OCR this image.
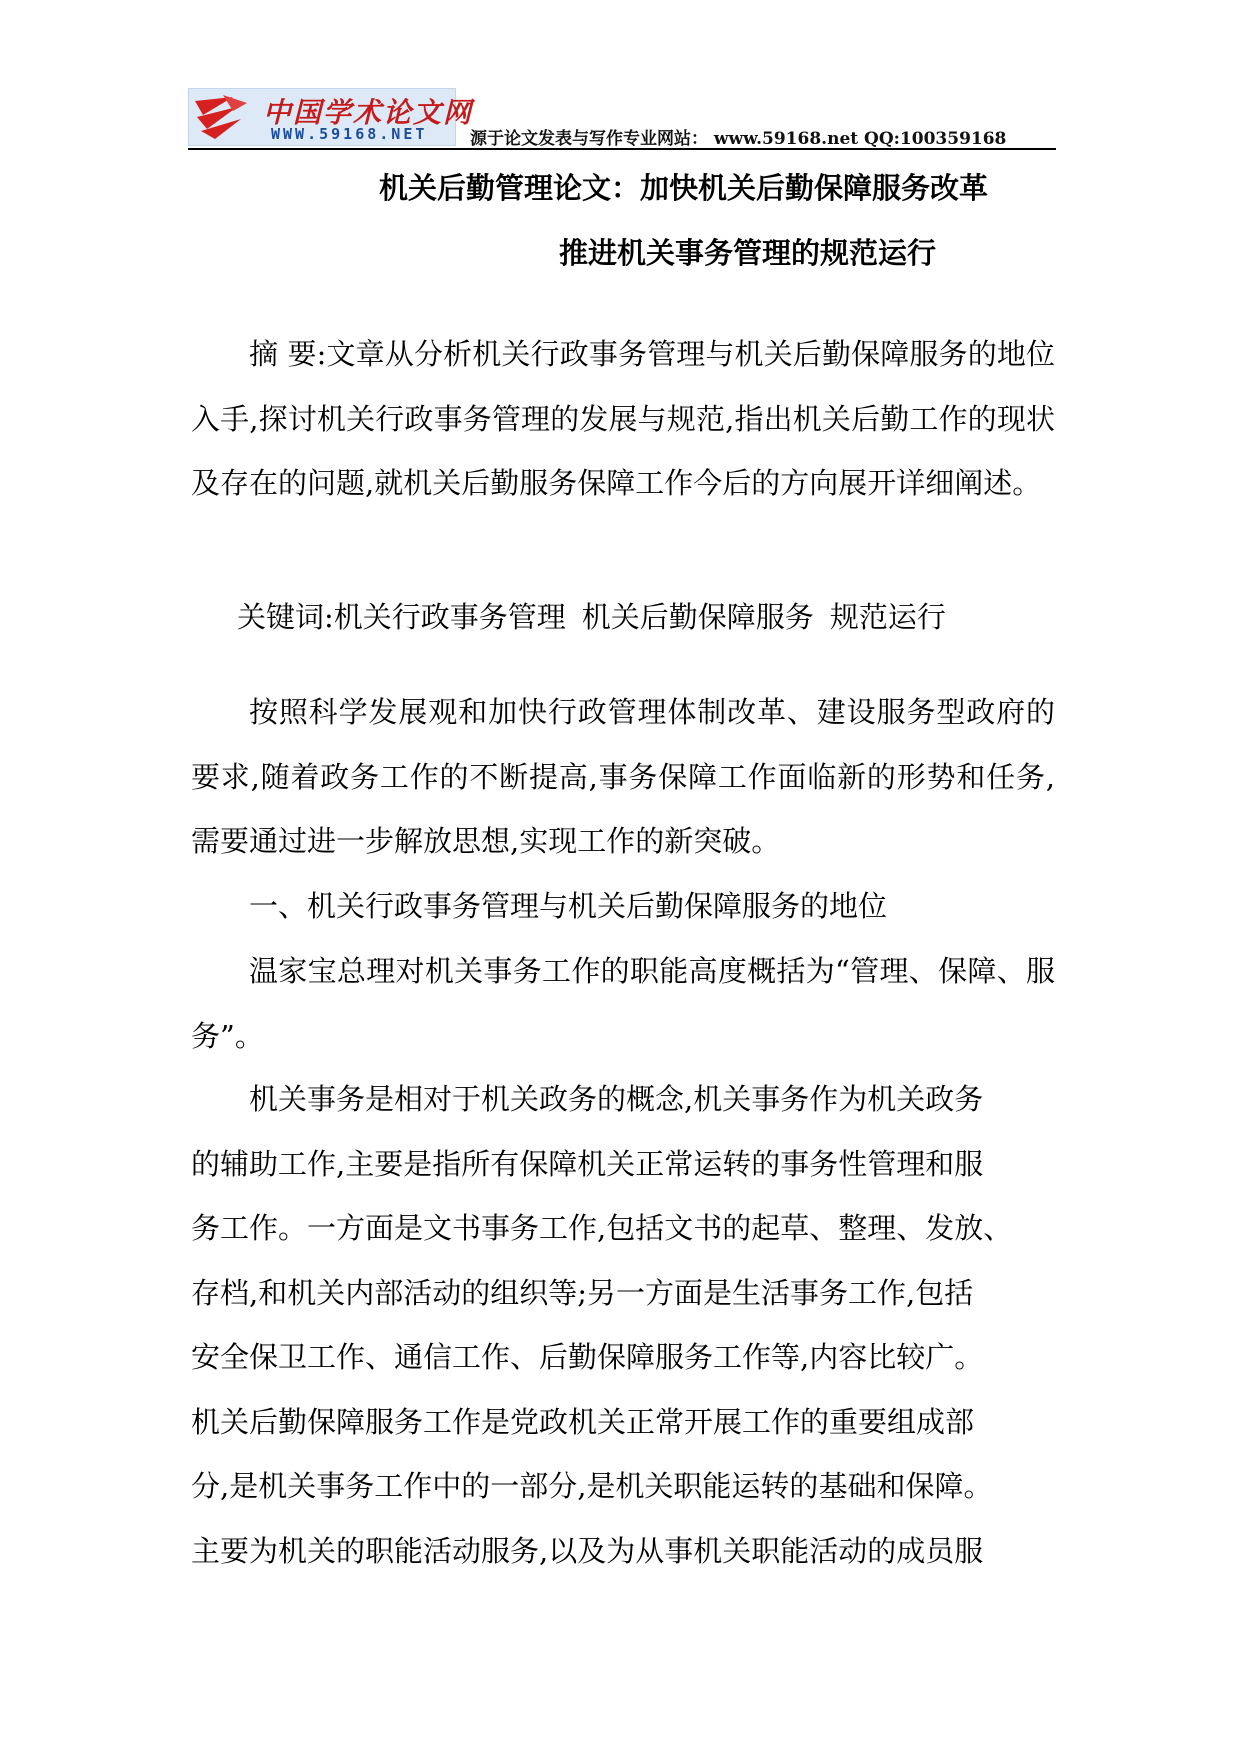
中国学术论文网
WWW.59168.NET	源于论文发表与写作专业网站： www.59168.net QQ:100359168
机关后勤管理论文：加快机关后勤保障服务改革
推进机关事务管理的规范运行

摘 要:文章从分析机关行政事务管理与机关后勤保障服务的地位入手,探讨机关行政事务管理的发展与规范,指出机关后勤工作的现状及存在的问题,就机关后勤服务保障工作今后的方向展开详细阐述。

关键词:机关行政事务管理 机关后勤保障服务 规范运行

按照科学发展观和加快行政管理体制改革、建设服务型政府的要求,随着政务工作的不断提高,事务保障工作面临新的形势和任务,需要通过进一步解放思想,实现工作的新突破。

一、机关行政事务管理与机关后勤保障服务的地位

温家宝总理对机关事务工作的职能高度概括为“管理、保障、服务”。

机关事务是相对于机关政务的概念,机关事务作为机关政务
的辅助工作,主要是指所有保障机关正常运转的事务性管理和服
务工作。一方面是文书事务工作,包括文书的起草、整理、发放、
存档,和机关内部活动的组织等;另一方面是生活事务工作,包括
安全保卫工作、通信工作、后勤保障服务工作等,内容比较广。
机关后勤保障服务工作是党政机关正常开展工作的重要组成部
分,是机关事务工作中的一部分,是机关职能运转的基础和保障。
主要为机关的职能活动服务,以及为从事机关职能活动的成员服
